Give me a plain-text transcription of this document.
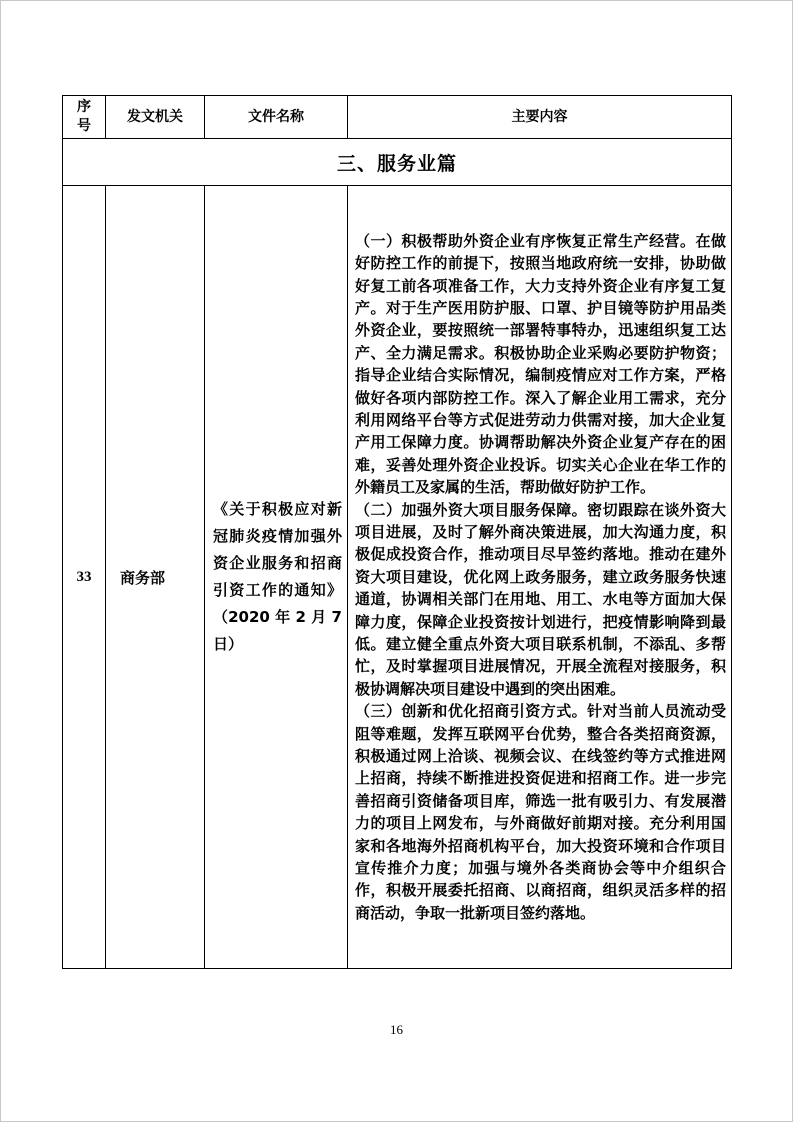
序号	发文机关	文件名称	主要内容
三、服务业篇			
33	商务部	《关于积极应对新冠肺炎疫情加强外资企业服务和招商引资工作的通知》（2020 年 2 月 7 日）	（一）积极帮助外资企业有序恢复正常生产经营。在做好防控工作的前提下，按照当地政府统一安排，协助做好复工前各项准备工作，大力支持外资企业有序复工复产。对于生产医用防护服、口罩、护目镜等防护用品类外资企业，要按照统一部署特事特办，迅速组织复工达产、全力满足需求。积极协助企业采购必要防护物资；指导企业结合实际情况，编制疫情应对工作方案，严格做好各项内部防控工作。深入了解企业用工需求，充分利用网络平台等方式促进劳动力供需对接，加大企业复产用工保障力度。协调帮助解决外资企业复产存在的困难，妥善处理外资企业投诉。切实关心企业在华工作的外籍员工及家属的生活，帮助做好防护工作。

（二）加强外资大项目服务保障。密切跟踪在谈外资大项目进展，及时了解外商决策进展，加大沟通力度，积极促成投资合作，推动项目尽早签约落地。推动在建外资大项目建设，优化网上政务服务，建立政务服务快速通道，协调相关部门在用地、用工、水电等方面加大保障力度，保障企业投资按计划进行，把疫情影响降到最低。建立健全重点外资大项目联系机制，不添乱、多帮忙，及时掌握项目进展情况，开展全流程对接服务，积极协调解决项目建设中遇到的突出困难。

（三）创新和优化招商引资方式。针对当前人员流动受阻等难题，发挥互联网平台优势，整合各类招商资源，积极通过网上洽谈、视频会议、在线签约等方式推进网上招商，持续不断推进投资促进和招商工作。进一步完善招商引资储备项目库，筛选一批有吸引力、有发展潜力的项目上网发布，与外商做好前期对接。充分利用国家和各地海外招商机构平台，加大投资环境和合作项目宣传推介力度；加强与境外各类商协会等中介组织合作，积极开展委托招商、以商招商，组织灵活多样的招商活动，争取一批新项目签约落地。

16
